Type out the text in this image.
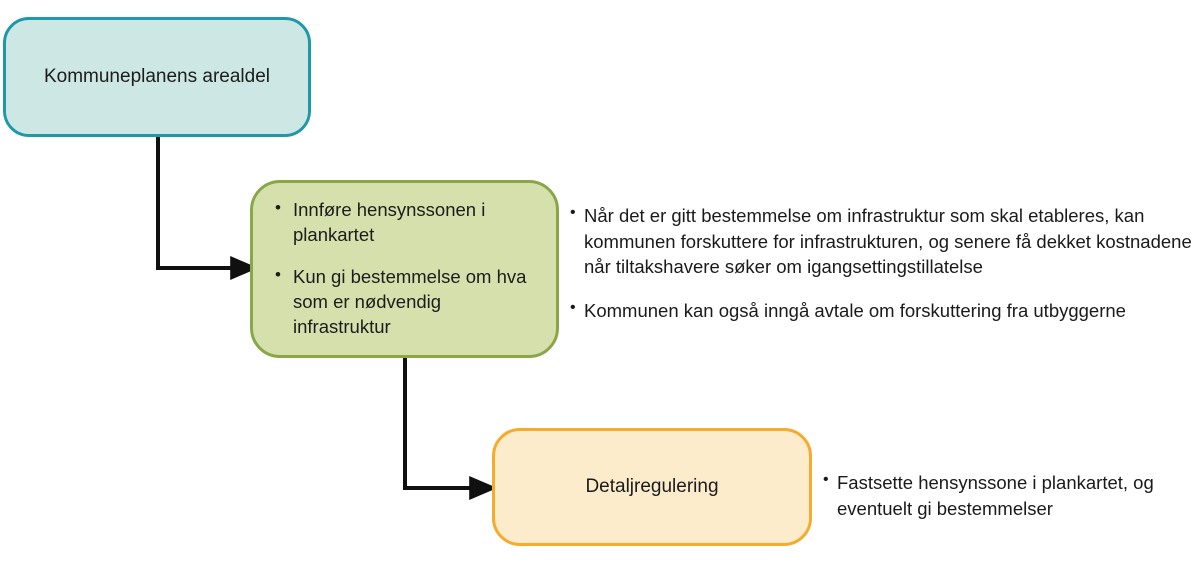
Kommuneplanens arealdel
• Innføre hensynssonen i plankartet
• Kun gi bestemmelse om hva som er nødvendig infrastruktur
Detaljregulering
• Når det er gitt bestemmelse om infrastruktur som skal etableres, kan kommunen forskuttere for infrastrukturen, og senere få dekket kostnadene når tiltakshavere søker om igangsettingstillatelse
• Kommunen kan også inngå avtale om forskuttering fra utbyggerne
• Fastsette hensynssone i plankartet, og eventuelt gi bestemmelser
